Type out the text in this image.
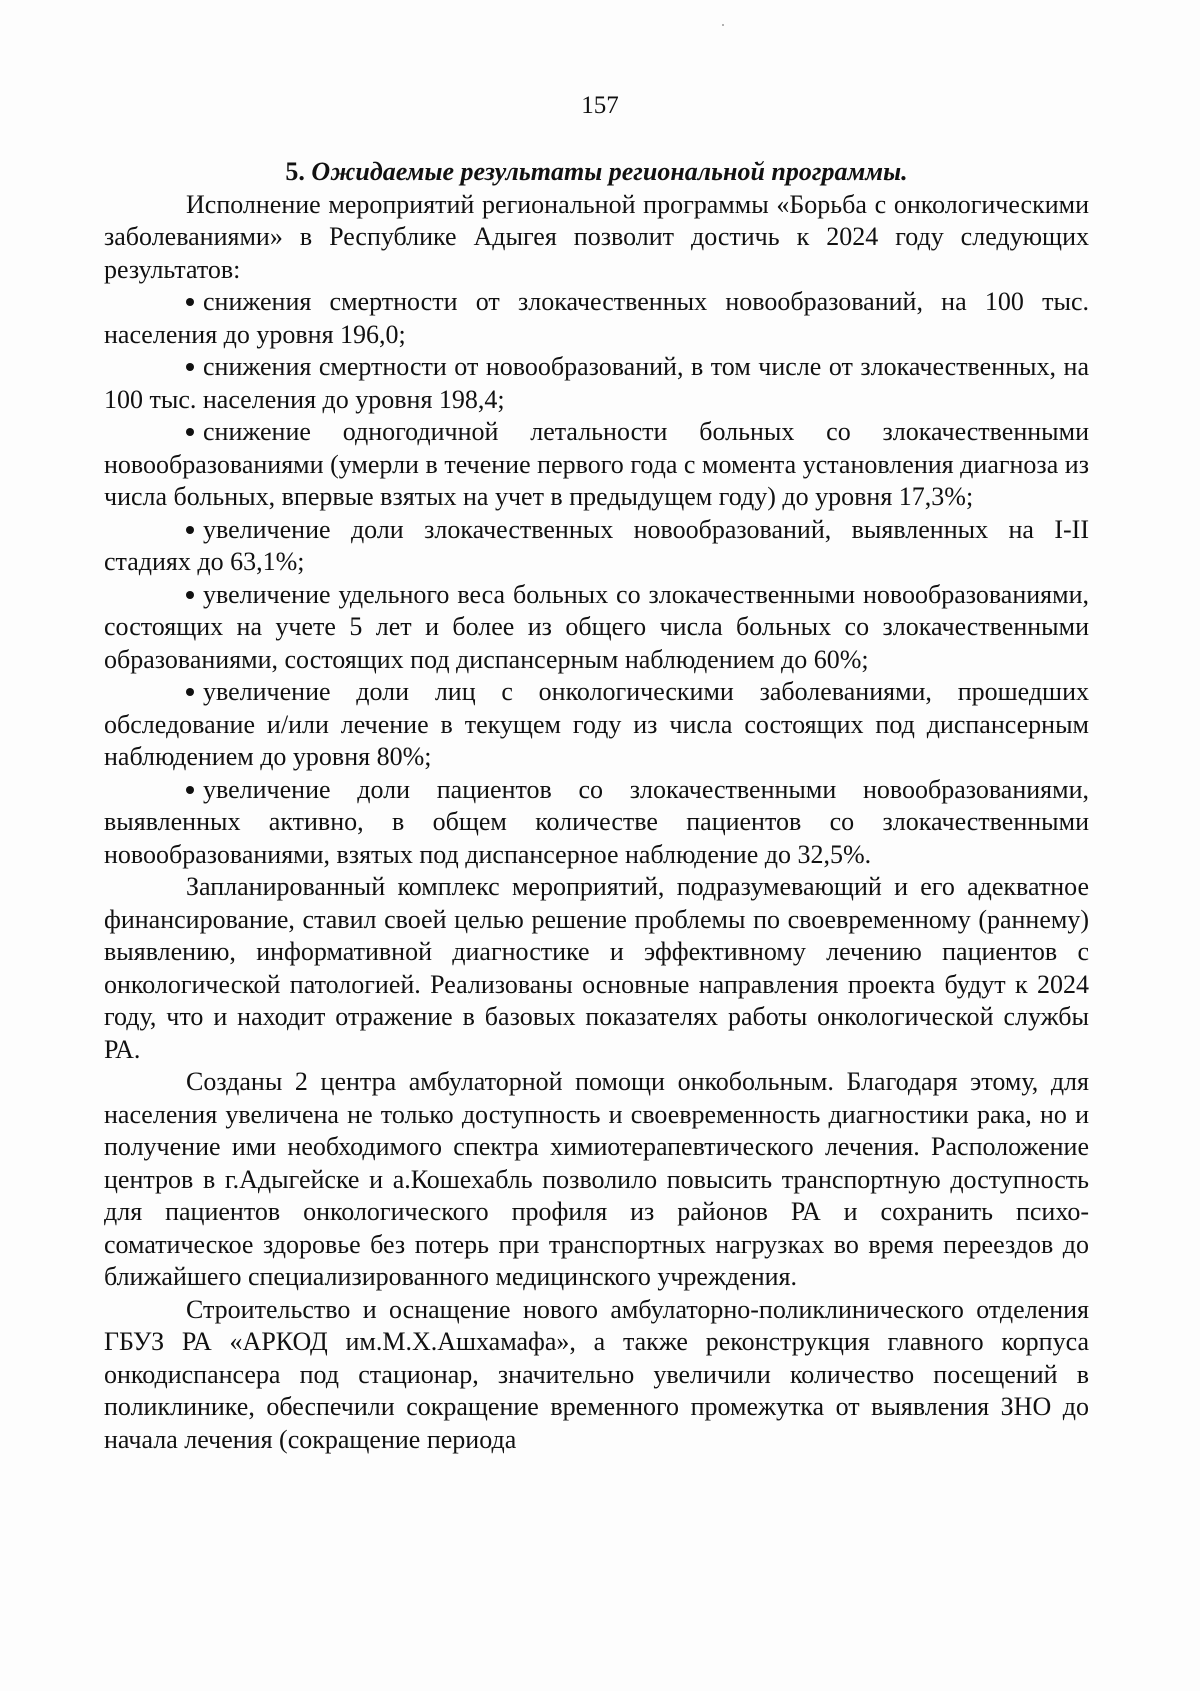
157

5. Ожидаемые результаты региональной программы.

Исполнение мероприятий региональной программы «Борьба с онкологическими заболеваниями» в Республике Адыгея позволит достичь к 2024 году следующих результатов:

снижения смертности от злокачественных новообразований, на 100 тыс. населения до уровня 196,0;
снижения смертности от новообразований, в том числе от злокачественных, на 100 тыс. населения до уровня 198,4;
снижение одногодичной летальности больных со злокачественными новообразованиями (умерли в течение первого года с момента установления диагноза из числа больных, впервые взятых на учет в предыдущем году) до уровня 17,3%;
увеличение доли злокачественных новообразований, выявленных на I-II стадиях до 63,1%;
увеличение удельного веса больных со злокачественными новообразованиями, состоящих на учете 5 лет и более из общего числа больных со злокачественными образованиями, состоящих под диспансерным наблюдением до 60%;
увеличение доли лиц с онкологическими заболеваниями, прошедших обследование и/или лечение в текущем году из числа состоящих под диспансерным наблюдением до уровня 80%;
увеличение доли пациентов со злокачественными новообразованиями, выявленных активно, в общем количестве пациентов со злокачественными новообразованиями, взятых под диспансерное наблюдение до 32,5%.

Запланированный комплекс мероприятий, подразумевающий и его адекватное финансирование, ставил своей целью решение проблемы по своевременному (раннему) выявлению, информативной диагностике и эффективному лечению пациентов с онкологической патологией. Реализованы основные направления проекта будут к 2024 году, что и находит отражение в базовых показателях работы онкологической службы РА.

Созданы 2 центра амбулаторной помощи онкобольным. Благодаря этому, для населения увеличена не только доступность и своевременность диагностики рака, но и получение ими необходимого спектра химиотерапевтического лечения. Расположение центров в г.Адыгейске и а.Кошехабль позволило повысить транспортную доступность для пациентов онкологического профиля из районов РА и сохранить психо-соматическое здоровье без потерь при транспортных нагрузках во время переездов до ближайшего специализированного медицинского учреждения.

Строительство и оснащение нового амбулаторно-поликлинического отделения ГБУЗ РА «АРКОД им.М.Х.Ашхамафа», а также реконструкция главного корпуса онкодиспансера под стационар, значительно увеличили количество посещений в поликлинике, обеспечили сокращение временного промежутка от выявления ЗНО до начала лечения (сокращение периода
